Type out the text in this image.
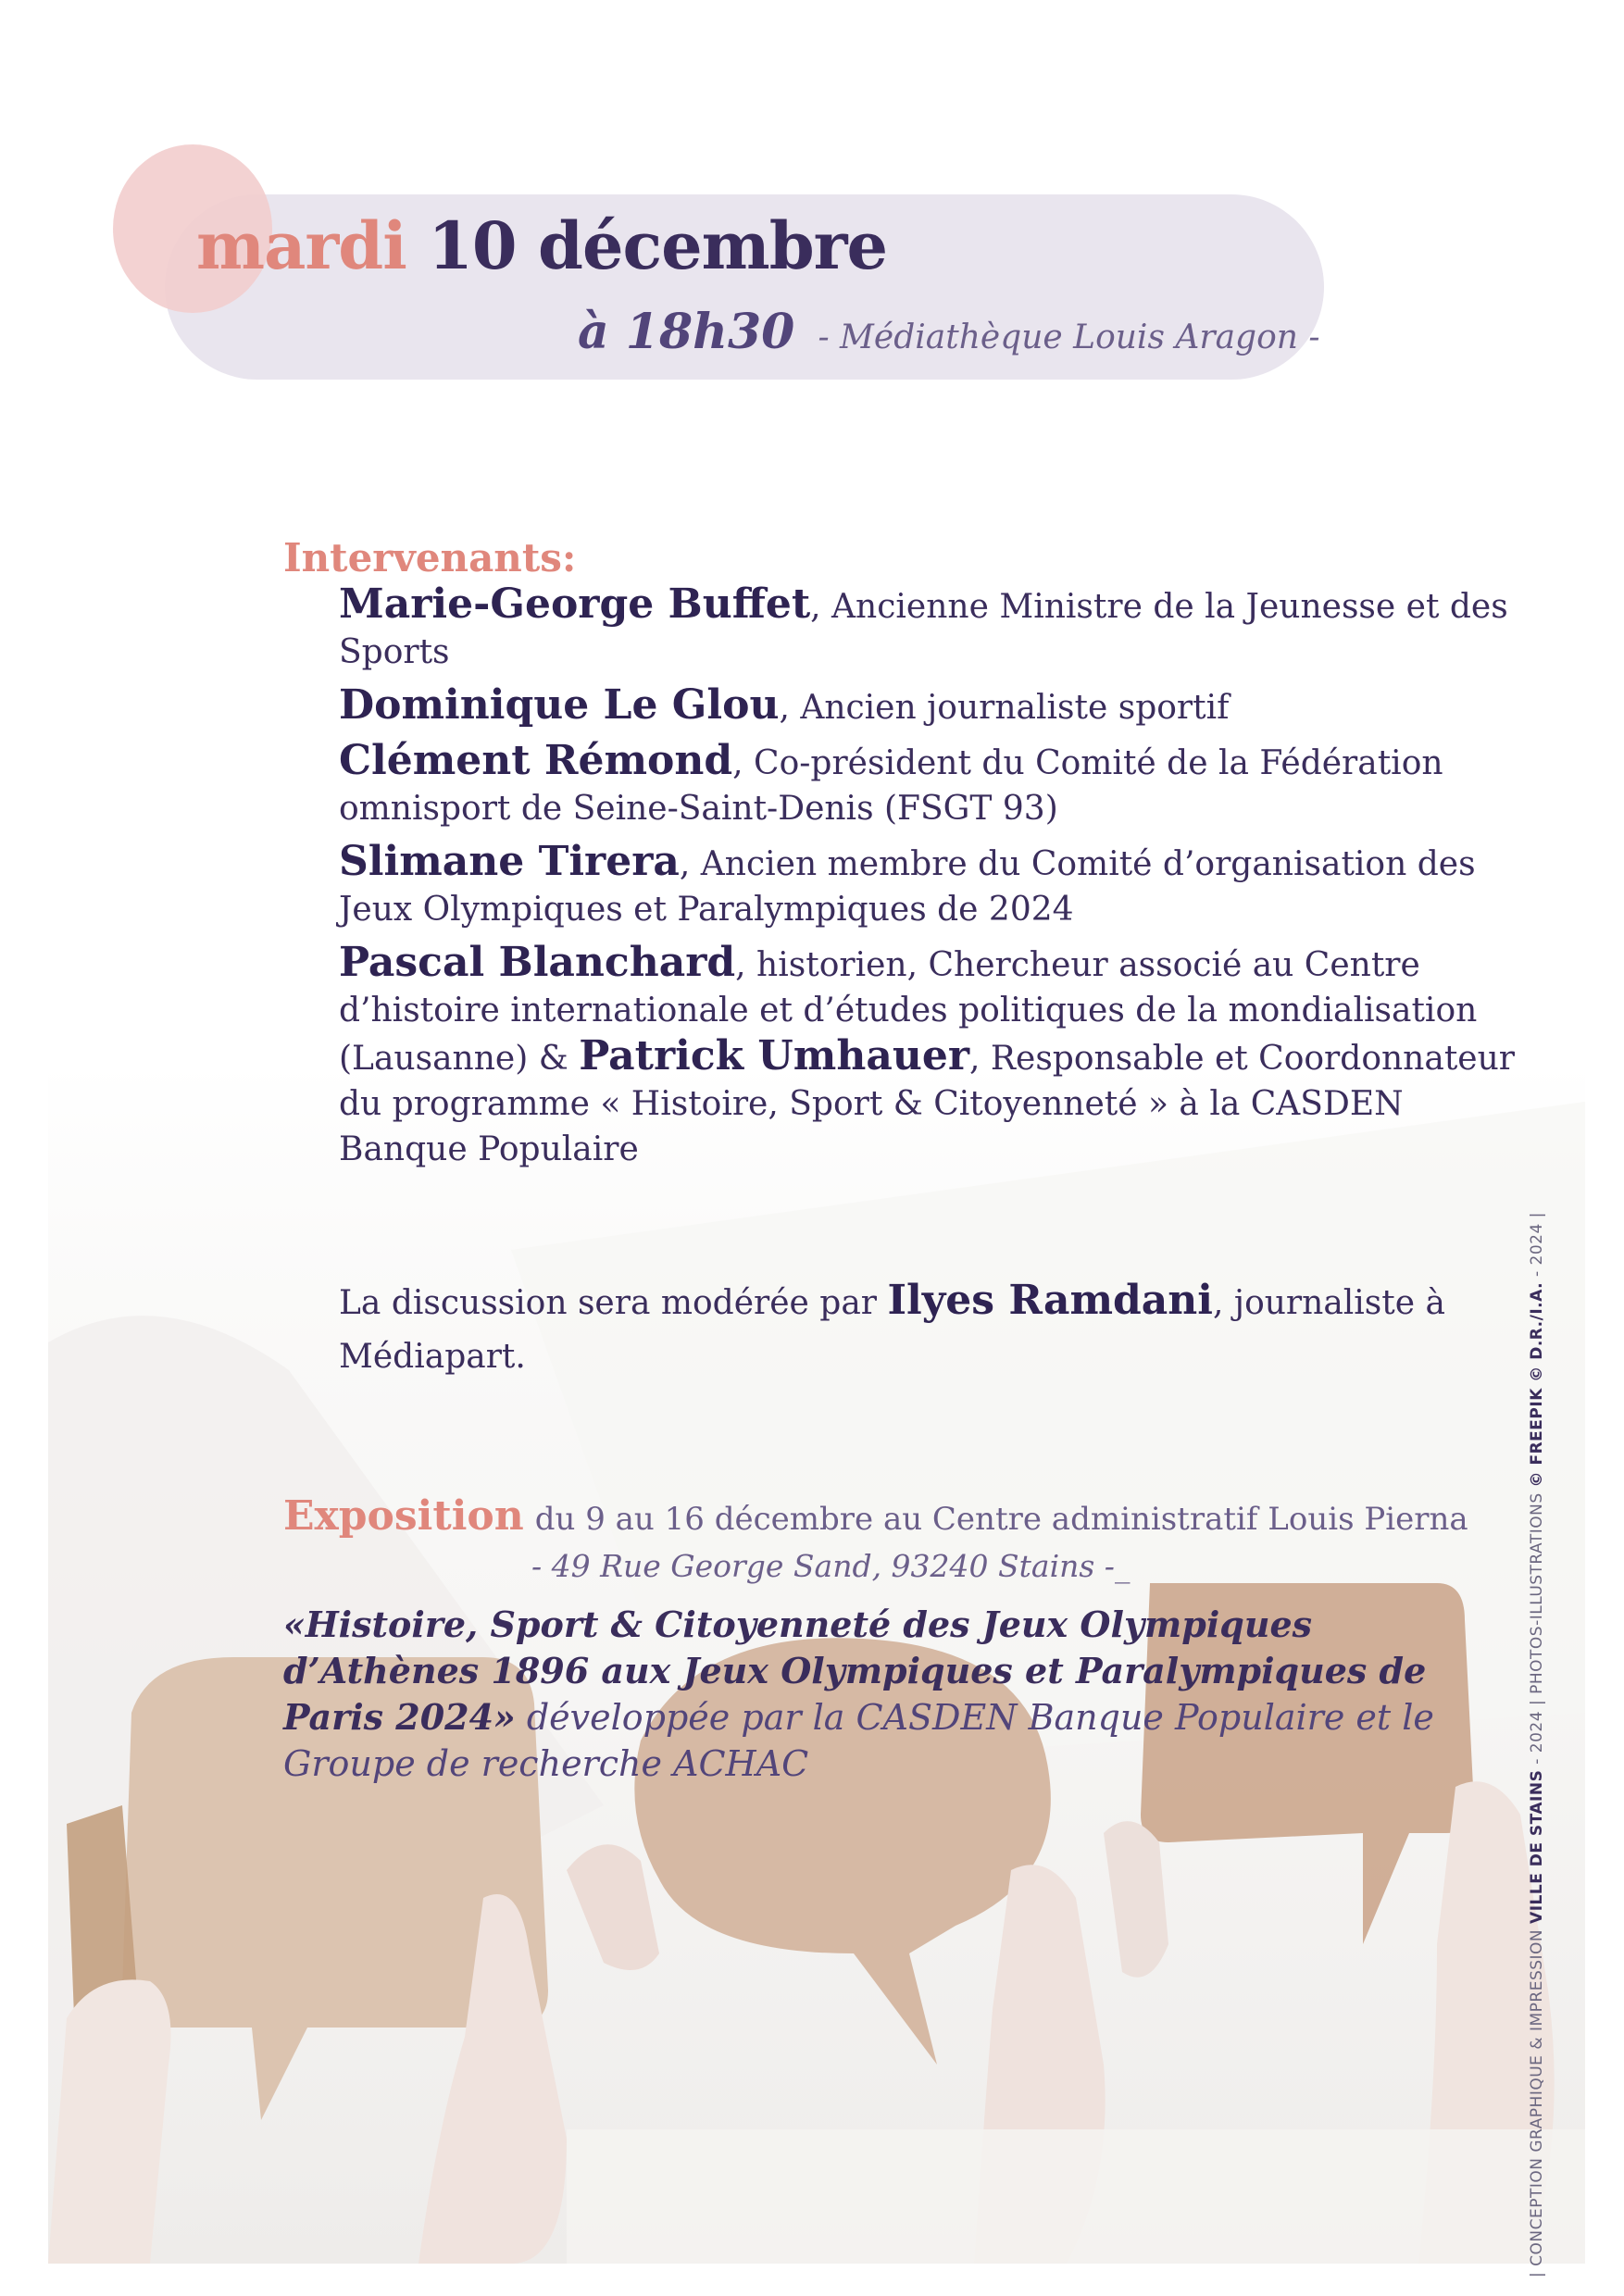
mardi 10 décembre
à 18h30 - Médiathèque Louis Aragon -
Intervenants:
Marie-George Buffet, Ancienne Ministre de la Jeunesse et des Sports
Dominique Le Glou, Ancien journaliste sportif
Clément Rémond, Co-président du Comité de la Fédération omnisport de Seine-Saint-Denis (FSGT 93)
Slimane Tirera, Ancien membre du Comité d’organisation des Jeux Olympiques et Paralympiques de 2024
Pascal Blanchard, historien, Chercheur associé au Centre d’histoire internationale et d’études politiques de la mondialisation (Lausanne) & Patrick Umhauer, Responsable et Coordonnateur du programme « Histoire, Sport & Citoyenneté » à la CASDEN Banque Populaire
La discussion sera modérée par Ilyes Ramdani, journaliste à Médiapart.
Exposition du 9 au 16 décembre au Centre administratif Louis Pierna
- 49 Rue George Sand, 93240 Stains -_
«Histoire, Sport & Citoyenneté des Jeux Olympiques d’Athènes 1896 aux Jeux Olympiques et Paralympiques de Paris 2024» développée par la CASDEN Banque Populaire et le Groupe de recherche ACHAC
| CONCEPTION GRAPHIQUE & IMPRESSION VILLE DE STAINS - 2024 | PHOTOS-ILLUSTRATIONS © FREEPIK © D.R./I.A. - 2024 |
